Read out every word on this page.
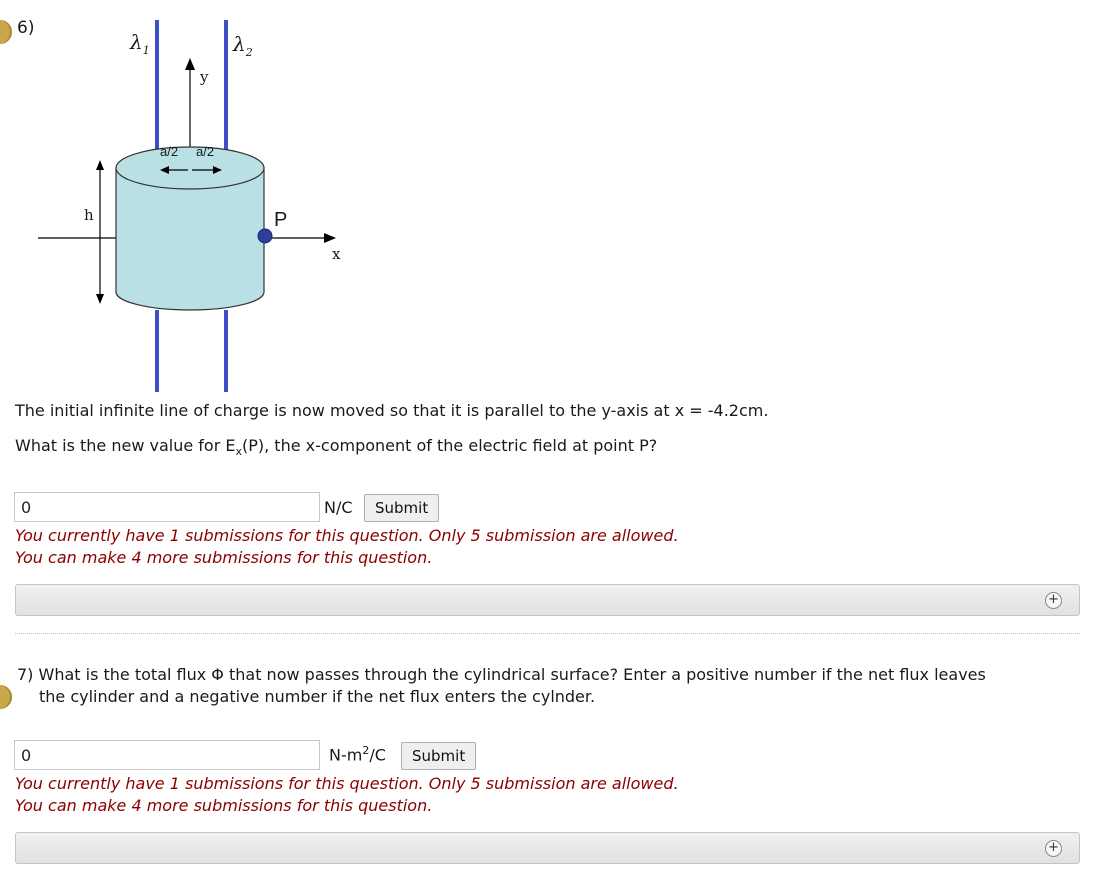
6)
$\lambda_1$	$\lambda_2$
y
x
h	P
a/2 a/2
The initial infinite line of charge is now moved so that it is parallel to the y-axis at x = -4.2cm.
What is the new value for $E_x(P)$, the x-component of the electric field at point P?
0
N/C	Submit
You currently have 1 submissions for this question. Only 5 submission are allowed.
You can make 4 more submissions for this question.
+
7) What is the total flux Φ that now passes through the cylindrical surface? Enter a positive number if the net flux leaves
the cylinder and a negative number if the net flux enters the cylnder.
0
$N-m^2/C$	Submit
You currently have 1 submissions for this question. Only 5 submission are allowed.
You can make 4 more submissions for this question.
+
